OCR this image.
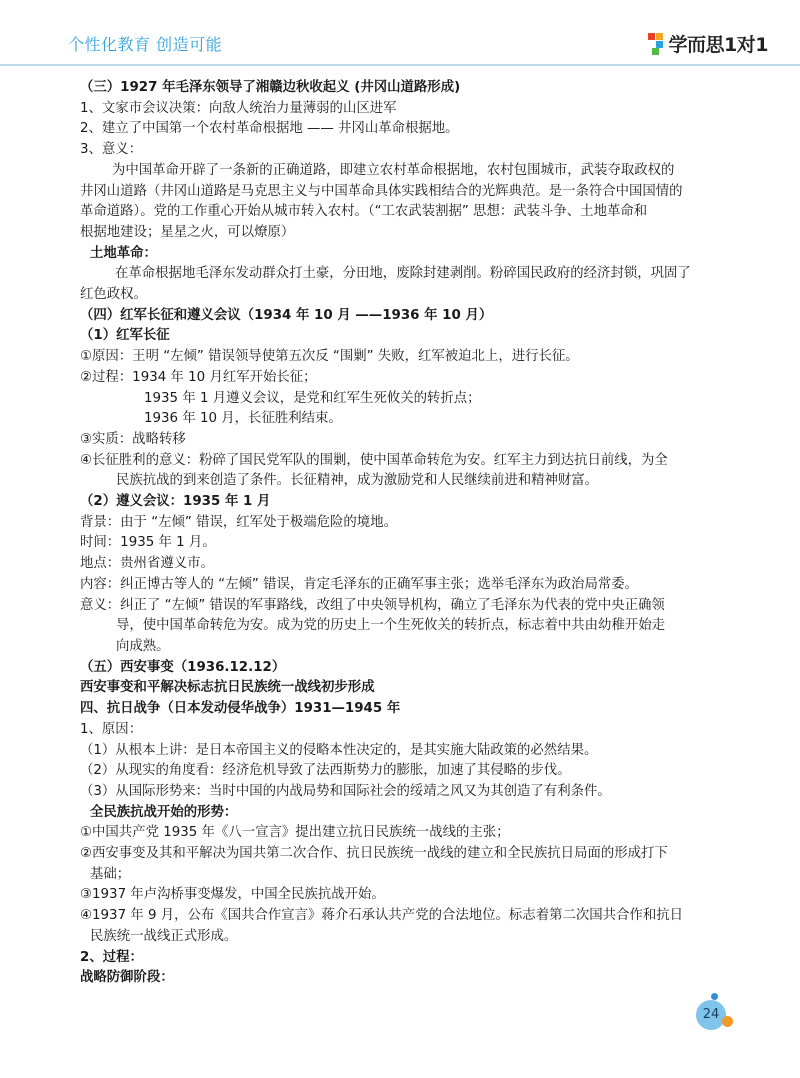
个性化教育 创造可能	学而思1对1
（三）1927 年毛泽东领导了湘赣边秋收起义 (井冈山道路形成)
1、文家市会议决策：向敌人统治力量薄弱的山区进军
2、建立了中国第一个农村革命根据地 —— 井冈山革命根据地。
3、意义：
为中国革命开辟了一条新的正确道路，即建立农村革命根据地，农村包围城市，武装夺取政权的
井冈山道路（井冈山道路是马克思主义与中国革命具体实践相结合的光辉典范。是一条符合中国国情的
革命道路）。党的工作重心开始从城市转入农村。（“工农武装割据” 思想：武装斗争、土地革命和
根据地建设；星星之火，可以燎原）
土地革命：
在革命根据地毛泽东发动群众打土豪，分田地，废除封建剥削。粉碎国民政府的经济封锁，巩固了
红色政权。
（四）红军长征和遵义会议（1934 年 10 月 ——1936 年 10 月）
（1）红军长征
①原因：王明 “左倾” 错误领导使第五次反 “围剿” 失败，红军被迫北上，进行长征。
②过程：1934 年 10 月红军开始长征；
1935 年 1 月遵义会议，是党和红军生死攸关的转折点；
1936 年 10 月，长征胜利结束。
③实质：战略转移
④长征胜利的意义：粉碎了国民党军队的围剿，使中国革命转危为安。红军主力到达抗日前线，为全
民族抗战的到来创造了条件。长征精神，成为激励党和人民继续前进和精神财富。
（2）遵义会议：1935 年 1 月
背景：由于 “左倾” 错误，红军处于极端危险的境地。
时间：1935 年 1 月。
地点：贵州省遵义市。
内容：纠正博古等人的 “左倾” 错误，肯定毛泽东的正确军事主张；选举毛泽东为政治局常委。
意义：纠正了 “左倾” 错误的军事路线，改组了中央领导机构，确立了毛泽东为代表的党中央正确领
导，使中国革命转危为安。成为党的历史上一个生死攸关的转折点，标志着中共由幼稚开始走
向成熟。
（五）西安事变（1936.12.12）
西安事变和平解决标志抗日民族统一战线初步形成
四、抗日战争（日本发动侵华战争）1931—1945 年
1、原因：
（1）从根本上讲：是日本帝国主义的侵略本性决定的，是其实施大陆政策的必然结果。
（2）从现实的角度看：经济危机导致了法西斯势力的膨胀，加速了其侵略的步伐。
（3）从国际形势来：当时中国的内战局势和国际社会的绥靖之风又为其创造了有利条件。
全民族抗战开始的形势：
①中国共产党 1935 年《八一宣言》提出建立抗日民族统一战线的主张；
②西安事变及其和平解决为国共第二次合作、抗日民族统一战线的建立和全民族抗日局面的形成打下
基础；
③1937 年卢沟桥事变爆发，中国全民族抗战开始。
④1937 年 9 月，公布《国共合作宣言》蒋介石承认共产党的合法地位。标志着第二次国共合作和抗日
民族统一战线正式形成。
2、过程：
战略防御阶段：
24
